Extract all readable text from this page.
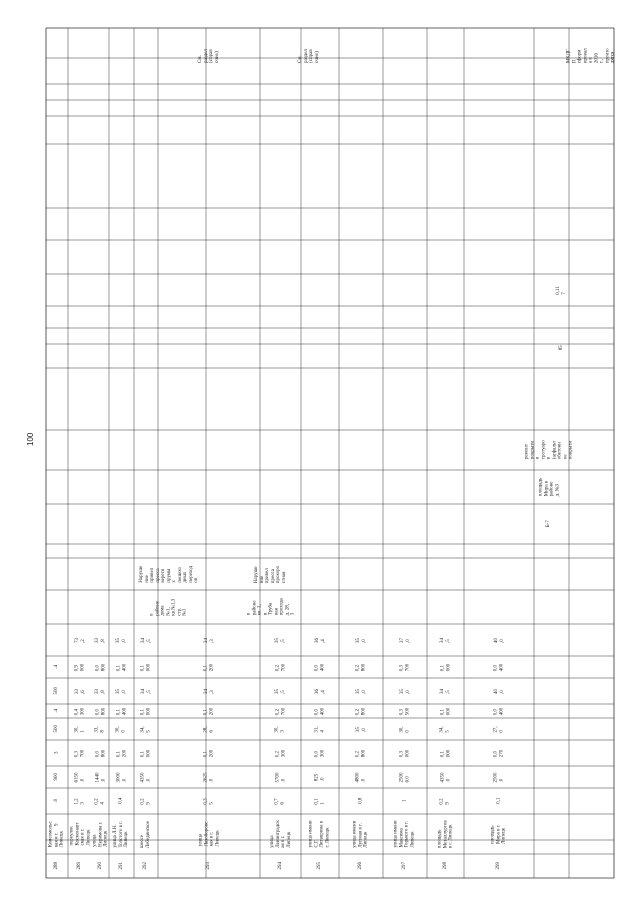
100
288
Комсомольс
кая и г.
Липецк
289
переулок
Космонавт
ская и г.
Липецк
1,2
3
6150
.0
0,3
700
30,
1
0,4
300
33
,6
0,9
000
73
,2
290
улица
Неримова г.
Липецк
0,2
4
1440
.0
0,0
800
33,
8
0,0
800
33
,8
0,0
800
33
,8
291
улица Л.Н.
Толстого в г.
Липецк
0,4
3000
.0
0,1
200
30,
0
0,1
400
35
,0
0,1
400
35
,0
292
шоссе
Лебединское
0,2
9
4350
.0
0,1
000
34,
5
0,1
000
34
,5
0,1
000
34
,5
293
улица
Лазоборовс
кая в г.
Липецк
0,3
5
2625
.0
0,1
200
28,
6
0,1
200
34
,3
0,1
200
34
,3
294
улица
Ленинградск
ая в г.
Липецк
0,7
6
5700
.0
0,2
300
30,
3
0,2
700
35
,5
0,2
700
35
,5
295
улица имени
С.Г.
Литаврина в
г. Липецк
0,1
1
825
.0
0,0
300
31,
4
0,0
400
36
,4
0,0
400
36
,4
296
улица имени
Луговая в г.
Липецк
0,8
4800
.0
0,2
800
35
,0
0,2
800
35
,0
0,2
800
35
,0
297
улица имени
Максима
Горького в г.
Липецк
1
2500
6.0
0,3
000
30,
0
0,3
500
35
,0
0,3
700
37
,0
298
площадь
Металлургов
в г. Липецк
0,2
9
4350
.0
0,1
000
34,
5
0,1
000
34
,5
0,1
000
34
,5
299
площадь
Мира в г.
Липецк
0,1
2500
.0
0,0
270
27,
0
0,0
400
40
,0
0,0
400
40
,0
в
районе
дома
№1,
кв.№1,3
стр.
№1
Наруше
ние
привел
пресса
веретя
прумы
х
пешехо
дных
переход
ов
в
районе
кв. 2,
и
Труба
ная
прохода
д. 28,
3
Наруше
ние
привел
пресса
прохоро
стная
площадь
Мира в
районе
д. №3
Б-7
ремонт
покрыти
я
тротуаро
в
(асфальт
обетонн
ое
покрыти
85
0,11
7
См.
раздел
(справ
очно)	См.
раздел
(справ
очно)	МКДГ
П
сформ
ировал
а в
2016
г.,
произо
дятся
9
.0
900
3
500
.4
500
.4
